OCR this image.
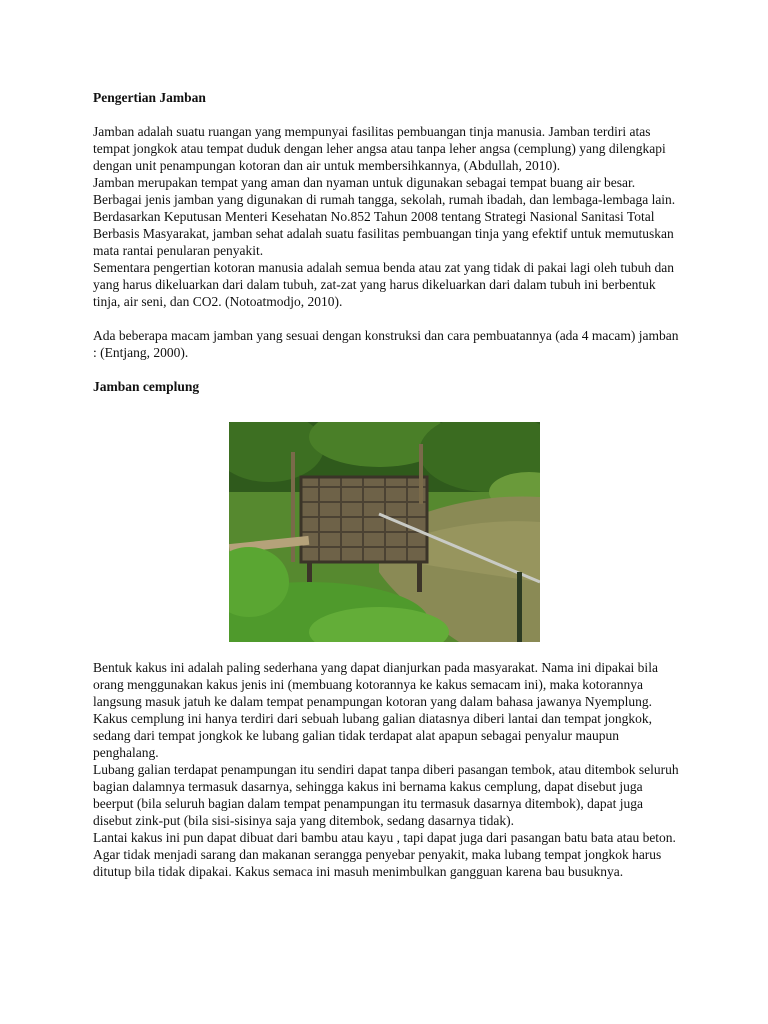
Pengertian Jamban

Jamban adalah suatu ruangan yang mempunyai fasilitas pembuangan tinja manusia. Jamban terdiri atas tempat jongkok atau tempat duduk dengan leher angsa atau tanpa leher angsa (cemplung) yang dilengkapi dengan unit penampungan kotoran dan air untuk membersihkannya, (Abdullah, 2010).

Jamban merupakan tempat yang aman dan nyaman untuk digunakan sebagai tempat buang air besar. Berbagai jenis jamban yang digunakan di rumah tangga, sekolah, rumah ibadah, dan lembaga-lembaga lain.

Berdasarkan Keputusan Menteri Kesehatan No.852 Tahun 2008 tentang Strategi Nasional Sanitasi Total Berbasis Masyarakat, jamban sehat adalah suatu fasilitas pembuangan tinja yang efektif untuk memutuskan mata rantai penularan penyakit.

Sementara pengertian kotoran manusia adalah semua benda atau zat yang tidak di pakai lagi oleh tubuh dan yang harus dikeluarkan dari dalam tubuh, zat-zat yang harus dikeluarkan dari dalam tubuh ini berbentuk tinja, air seni, dan CO2. (Notoatmodjo, 2010).

Ada beberapa macam jamban yang sesuai dengan konstruksi dan cara pembuatannya (ada 4 macam) jamban : (Entjang, 2000).

Jamban cemplung

Bentuk kakus ini adalah paling sederhana yang dapat dianjurkan pada masyarakat. Nama ini dipakai bila orang menggunakan kakus jenis ini (membuang kotorannya ke kakus semacam ini), maka kotorannya langsung masuk jatuh ke dalam tempat penampungan kotoran yang dalam bahasa jawanya Nyemplung.

Kakus cemplung ini hanya terdiri dari sebuah lubang galian diatasnya diberi lantai dan tempat jongkok, sedang dari tempat jongkok ke lubang galian tidak terdapat alat apapun sebagai penyalur maupun penghalang.

Lubang galian terdapat penampungan itu sendiri dapat tanpa diberi pasangan tembok, atau ditembok seluruh bagian dalamnya termasuk dasarnya, sehingga kakus ini bernama kakus cemplung, dapat disebut juga beerput (bila seluruh bagian dalam tempat penampungan itu termasuk dasarnya ditembok), dapat juga disebut zink-put (bila sisi-sisinya saja yang ditembok, sedang dasarnya tidak).

Lantai kakus ini pun dapat dibuat dari bambu atau kayu , tapi dapat juga dari pasangan batu bata atau beton. Agar tidak menjadi sarang dan makanan serangga penyebar penyakit, maka lubang tempat jongkok harus ditutup bila tidak dipakai. Kakus semaca ini masuh menimbulkan gangguan karena bau busuknya.
